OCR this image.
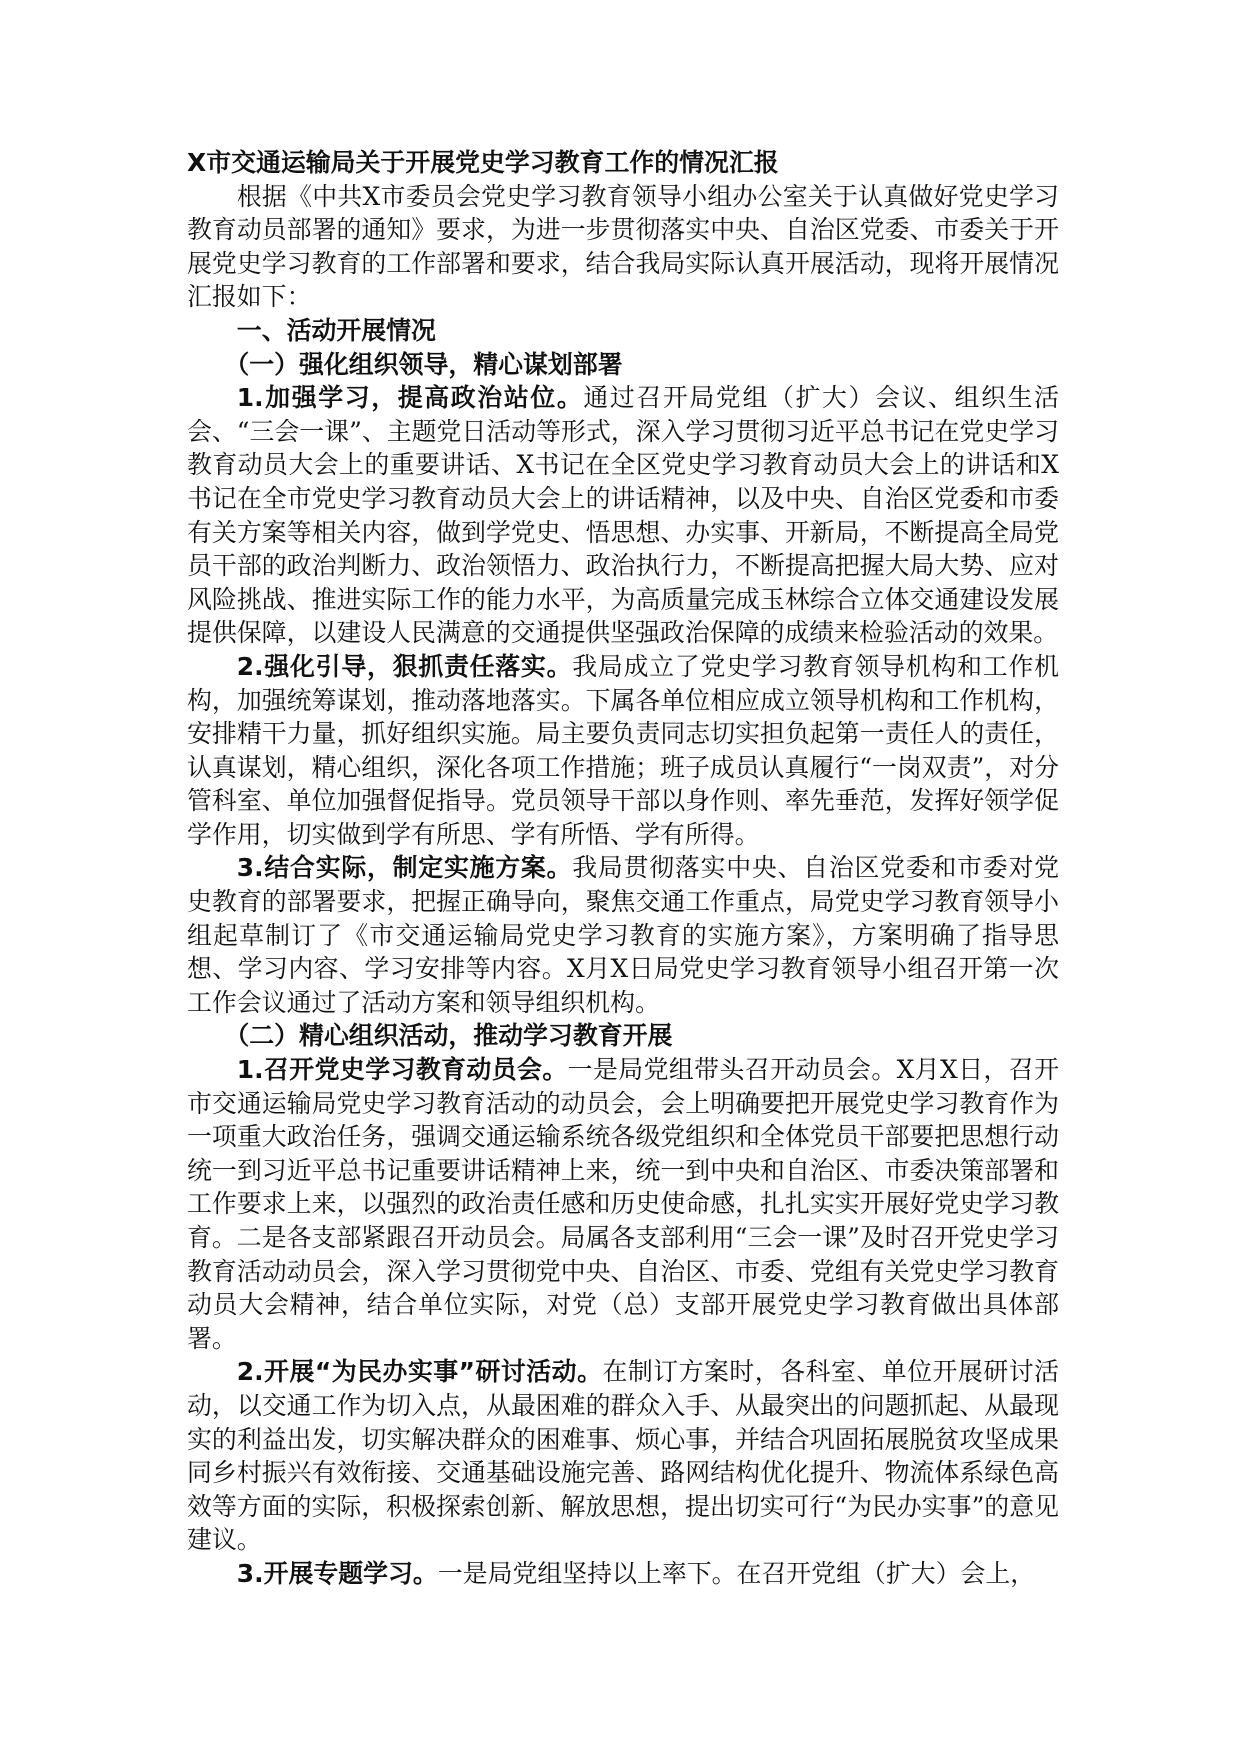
X市交通运输局关于开展党史学习教育工作的情况汇报

根据《中共X市委员会党史学习教育领导小组办公室关于认真做好党史学习教育动员部署的通知》要求，为进一步贯彻落实中央、自治区党委、市委关于开展党史学习教育的工作部署和要求，结合我局实际认真开展活动，现将开展情况汇报如下：

一、活动开展情况

（一）强化组织领导，精心谋划部署

1.加强学习，提高政治站位。通过召开局党组（扩大）会议、组织生活会、“三会一课”、主题党日活动等形式，深入学习贯彻习近平总书记在党史学习教育动员大会上的重要讲话、X书记在全区党史学习教育动员大会上的讲话和X书记在全市党史学习教育动员大会上的讲话精神，以及中央、自治区党委和市委有关方案等相关内容，做到学党史、悟思想、办实事、开新局，不断提高全局党员干部的政治判断力、政治领悟力、政治执行力，不断提高把握大局大势、应对风险挑战、推进实际工作的能力水平，为高质量完成玉林综合立体交通建设发展提供保障，以建设人民满意的交通提供坚强政治保障的成绩来检验活动的效果。

2.强化引导，狠抓责任落实。我局成立了党史学习教育领导机构和工作机构，加强统筹谋划，推动落地落实。下属各单位相应成立领导机构和工作机构，安排精干力量，抓好组织实施。局主要负责同志切实担负起第一责任人的责任，认真谋划，精心组织，深化各项工作措施；班子成员认真履行“一岗双责”，对分管科室、单位加强督促指导。党员领导干部以身作则、率先垂范，发挥好领学促学作用，切实做到学有所思、学有所悟、学有所得。

3.结合实际，制定实施方案。我局贯彻落实中央、自治区党委和市委对党史教育的部署要求，把握正确导向，聚焦交通工作重点，局党史学习教育领导小组起草制订了《市交通运输局党史学习教育的实施方案》，方案明确了指导思想、学习内容、学习安排等内容。X月X日局党史学习教育领导小组召开第一次工作会议通过了活动方案和领导组织机构。

（二）精心组织活动，推动学习教育开展

1.召开党史学习教育动员会。一是局党组带头召开动员会。X月X日，召开市交通运输局党史学习教育活动的动员会，会上明确要把开展党史学习教育作为一项重大政治任务，强调交通运输系统各级党组织和全体党员干部要把思想行动统一到习近平总书记重要讲话精神上来，统一到中央和自治区、市委决策部署和工作要求上来，以强烈的政治责任感和历史使命感，扎扎实实开展好党史学习教育。二是各支部紧跟召开动员会。局属各支部利用“三会一课”及时召开党史学习教育活动动员会，深入学习贯彻党中央、自治区、市委、党组有关党史学习教育动员大会精神，结合单位实际，对党（总）支部开展党史学习教育做出具体部署。

2.开展“为民办实事”研讨活动。在制订方案时，各科室、单位开展研讨活动，以交通工作为切入点，从最困难的群众入手、从最突出的问题抓起、从最现实的利益出发，切实解决群众的困难事、烦心事，并结合巩固拓展脱贫攻坚成果同乡村振兴有效衔接、交通基础设施完善、路网结构优化提升、物流体系绿色高效等方面的实际，积极探索创新、解放思想，提出切实可行“为民办实事”的意见建议。

3.开展专题学习。一是局党组坚持以上率下。在召开党组（扩大）会上，
